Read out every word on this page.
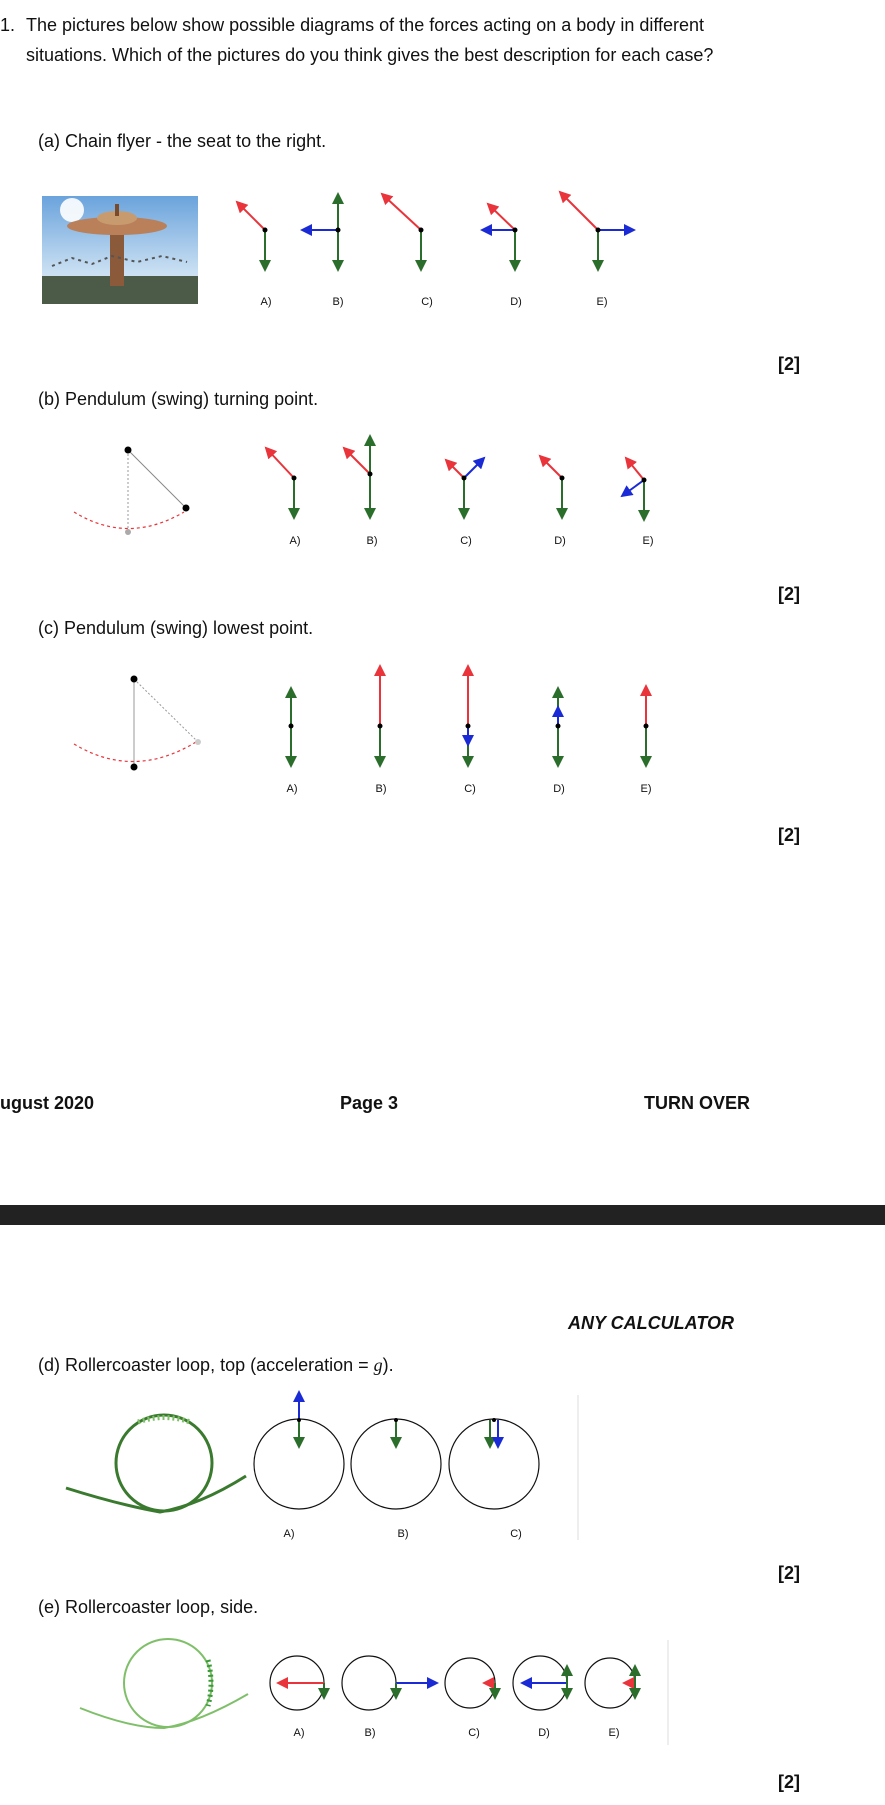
1. The pictures below show possible diagrams of the forces acting on a body in different situations. Which of the pictures do you think gives the best description for each case?
(a) Chain flyer - the seat to the right.
A)	B)	C)	D)	E)
[2]
(b) Pendulum (swing) turning point.
A)	B)	C)	D)	E)
[2]
(c) Pendulum (swing) lowest point.
A)	B)	C)	D)	E)
[2]
ugust 2020	Page 3	TURN OVER
ANY CALCULATOR
(d) Rollercoaster loop, top (acceleration = g).
A)	B)	C)
[2]
(e) Rollercoaster loop, side.
A)	B)	C)	D)	E)
[2]
